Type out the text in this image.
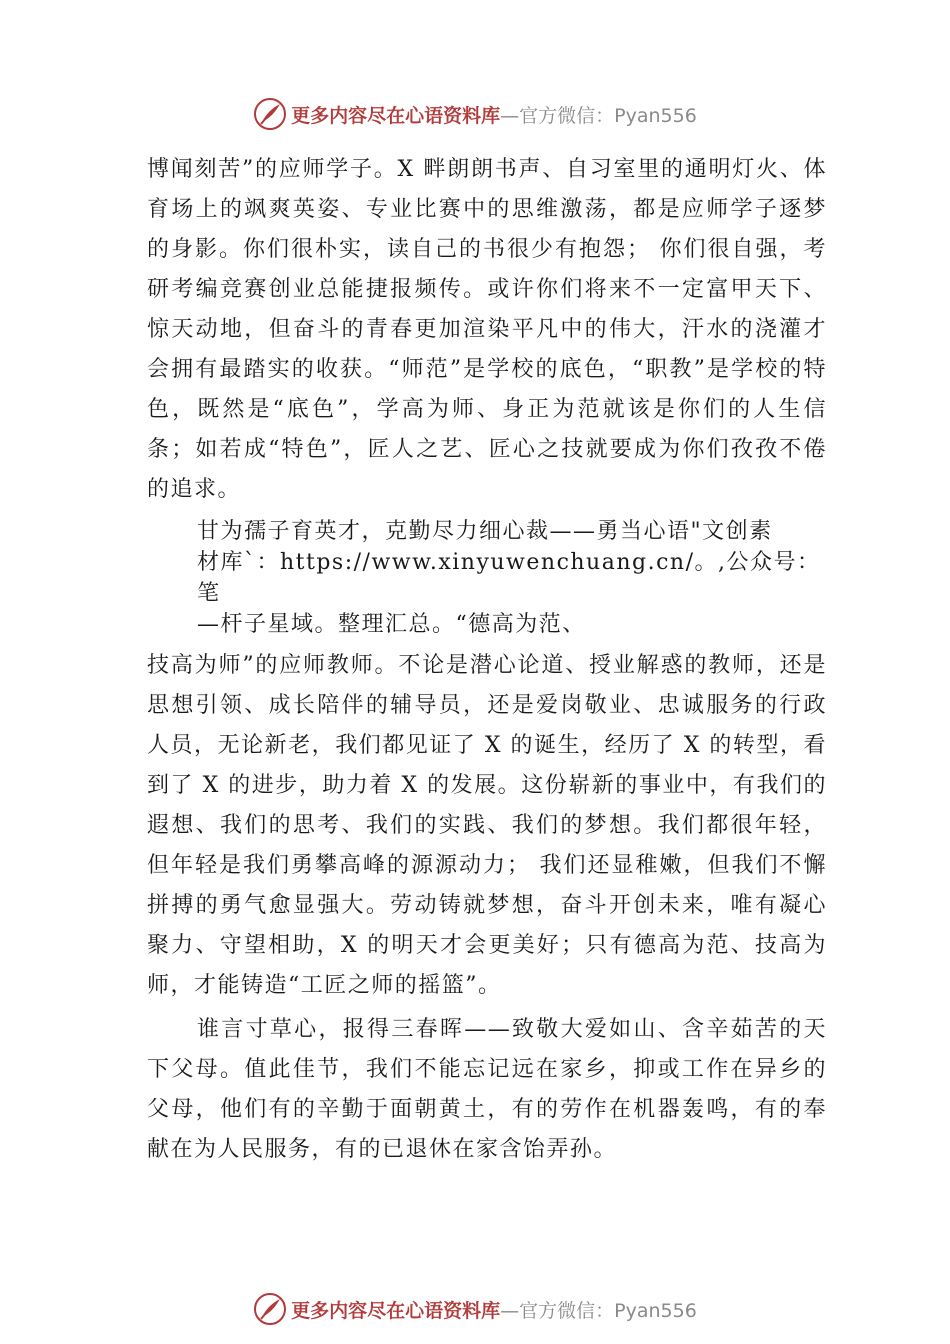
更多内容尽在心语资料库 —官方微信：Pyan556

博闻刻苦”的应师学子。X 畔朗朗书声、自习室里的通明灯火、体育场上的飒爽英姿、专业比赛中的思维激荡，都是应师学子逐梦的身影。你们很朴实，读自己的书很少有抱怨； 你们很自强，考研考编竞赛创业总能捷报频传。或许你们将来不一定富甲天下、惊天动地，但奋斗的青春更加渲染平凡中的伟大，汗水的浇灌才会拥有最踏实的收获。“师范”是学校的底色，“职教”是学校的特色，既然是“底色”，学高为师、身正为范就该是你们的人生信条；如若成“特色”，匠人之艺、匠心之技就要成为你们孜孜不倦的追求。

甘为孺子育英才，克勤尽力细心裁——勇当心语"文创素

材库`：https://www.xinyuwenchuang.cn/。,公众号：笔

—杆子星域。整理汇总。“德高为范、

技高为师”的应师教师。不论是潜心论道、授业解惑的教师，还是思想引领、成长陪伴的辅导员，还是爱岗敬业、忠诚服务的行政人员，无论新老，我们都见证了 X 的诞生，经历了 X 的转型，看到了 X 的进步，助力着 X 的发展。这份崭新的事业中，有我们的遐想、我们的思考、我们的实践、我们的梦想。我们都很年轻，但年轻是我们勇攀高峰的源源动力； 我们还显稚嫩，但我们不懈拼搏的勇气愈显强大。劳动铸就梦想，奋斗开创未来，唯有凝心聚力、守望相助，X 的明天才会更美好；只有德高为范、技高为师，才能铸造“工匠之师的摇篮”。

谁言寸草心，报得三春晖——致敬大爱如山、含辛茹苦的天下父母。值此佳节，我们不能忘记远在家乡，抑或工作在异乡的父母，他们有的辛勤于面朝黄土，有的劳作在机器轰鸣，有的奉献在为人民服务，有的已退休在家含饴弄孙。

更多内容尽在心语资料库 —官方微信：Pyan556
